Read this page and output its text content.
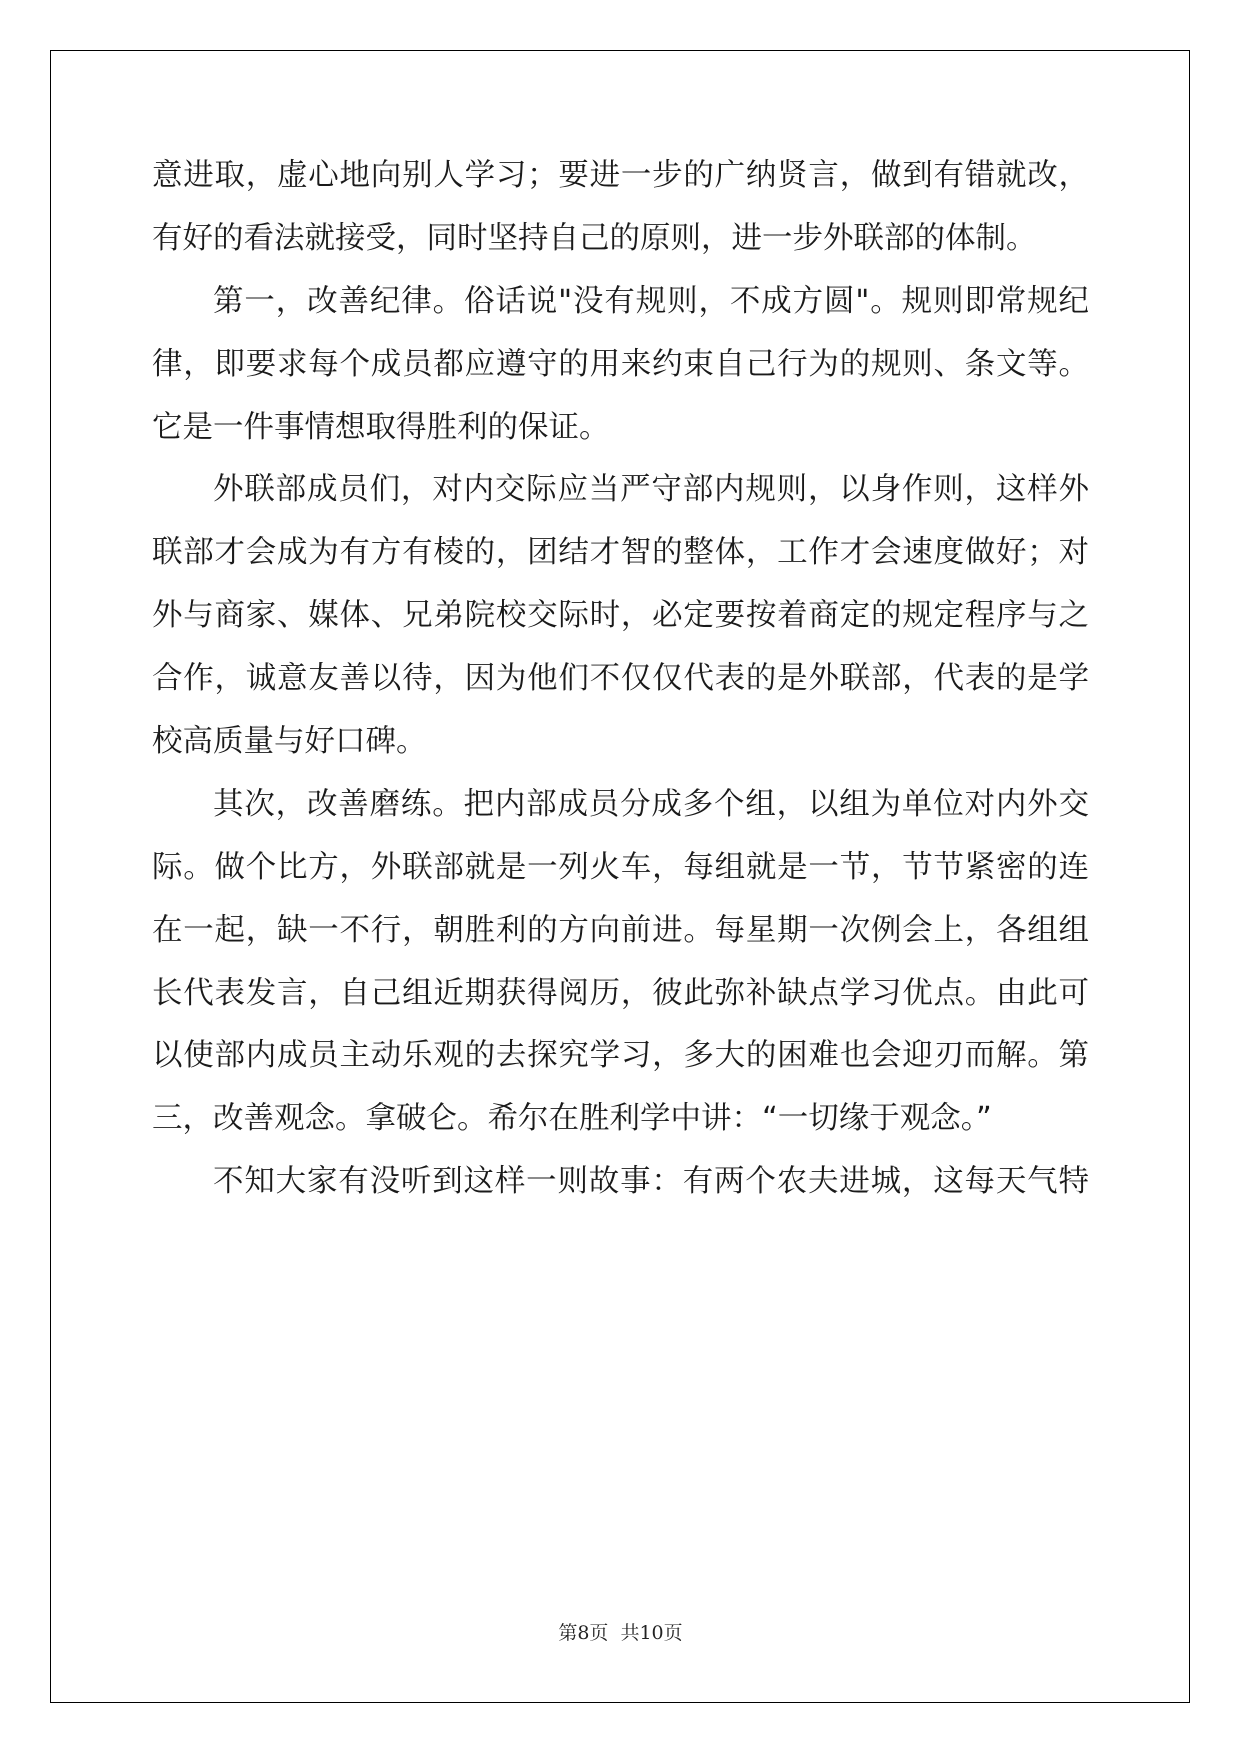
意进取，虚心地向别人学习；要进一步的广纳贤言，做到有错就改，
有好的看法就接受，同时坚持自己的原则，进一步外联部的体制。
第一，改善纪律。俗话说"没有规则，不成方圆"。规则即常规纪
律，即要求每个成员都应遵守的用来约束自己行为的规则、条文等。
它是一件事情想取得胜利的保证。
外联部成员们，对内交际应当严守部内规则，以身作则，这样外
联部才会成为有方有棱的，团结才智的整体，工作才会速度做好；对
外与商家、媒体、兄弟院校交际时，必定要按着商定的规定程序与之
合作，诚意友善以待，因为他们不仅仅代表的是外联部，代表的是学
校高质量与好口碑。
其次，改善磨练。把内部成员分成多个组，以组为单位对内外交
际。做个比方，外联部就是一列火车，每组就是一节，节节紧密的连
在一起，缺一不行，朝胜利的方向前进。每星期一次例会上，各组组
长代表发言，自己组近期获得阅历，彼此弥补缺点学习优点。由此可
以使部内成员主动乐观的去探究学习，多大的困难也会迎刃而解。第
三，改善观念。拿破仑。希尔在胜利学中讲：“一切缘于观念。”
不知大家有没听到这样一则故事：有两个农夫进城，这每天气特
第8页 共10页
